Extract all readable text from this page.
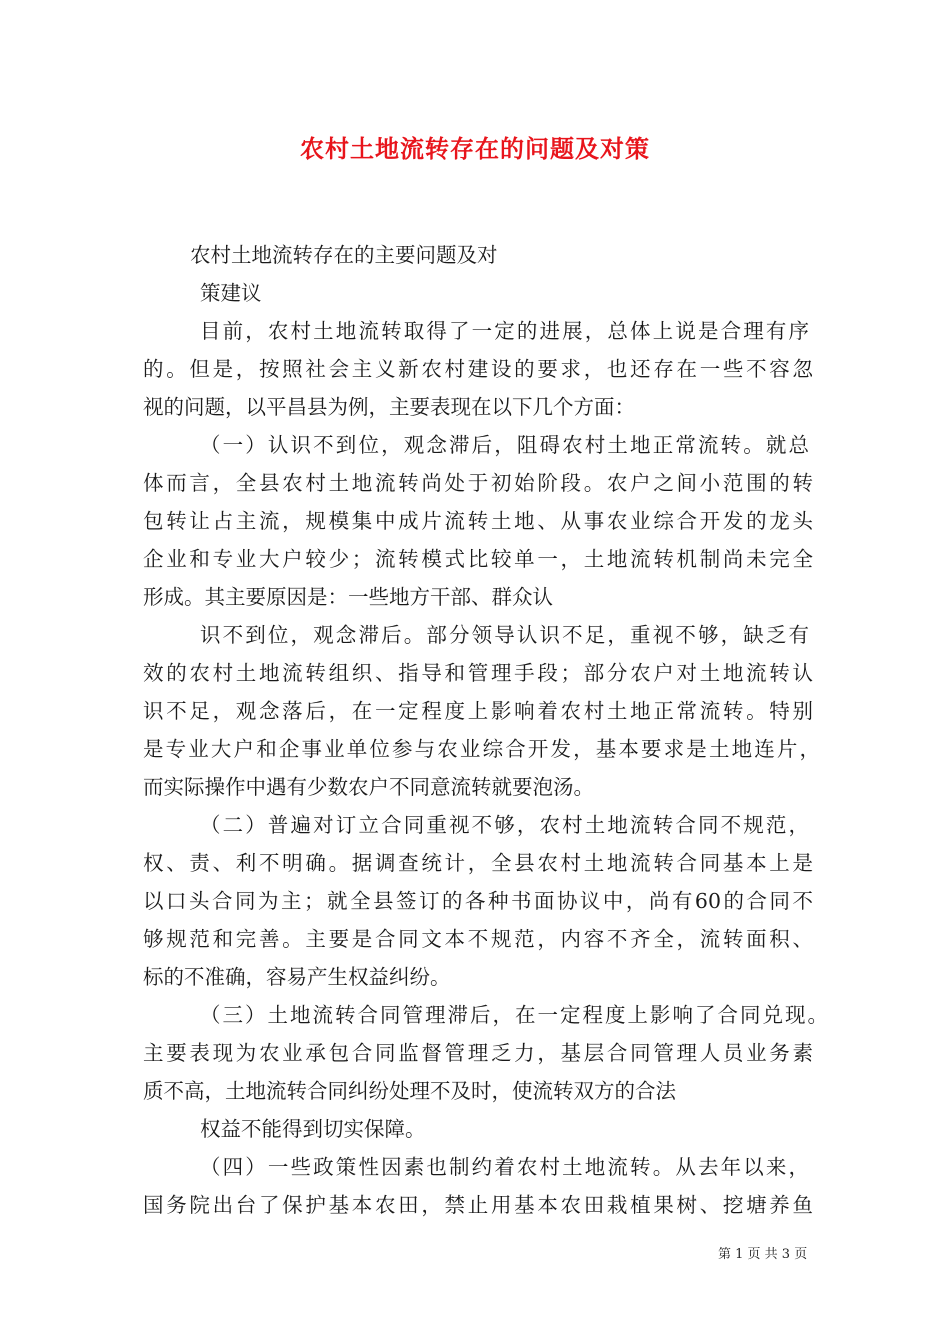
农村土地流转存在的问题及对策
农村土地流转存在的主要问题及对
策建议
目前，农村土地流转取得了一定的进展，总体上说是合理有序
的。但是，按照社会主义新农村建设的要求，也还存在一些不容忽
视的问题，以平昌县为例，主要表现在以下几个方面：
（一）认识不到位，观念滞后，阻碍农村土地正常流转。就总
体而言，全县农村土地流转尚处于初始阶段。农户之间小范围的转
包转让占主流，规模集中成片流转土地、从事农业综合开发的龙头
企业和专业大户较少；流转模式比较单一，土地流转机制尚未完全
形成。其主要原因是：一些地方干部、群众认
识不到位，观念滞后。部分领导认识不足，重视不够，缺乏有
效的农村土地流转组织、指导和管理手段；部分农户对土地流转认
识不足，观念落后，在一定程度上影响着农村土地正常流转。特别
是专业大户和企事业单位参与农业综合开发，基本要求是土地连片，
而实际操作中遇有少数农户不同意流转就要泡汤。
（二）普遍对订立合同重视不够，农村土地流转合同不规范，
权、责、利不明确。据调查统计，全县农村土地流转合同基本上是
以口头合同为主；就全县签订的各种书面协议中，尚有60的合同不
够规范和完善。主要是合同文本不规范，内容不齐全，流转面积、
标的不准确，容易产生权益纠纷。
（三）土地流转合同管理滞后，在一定程度上影响了合同兑现。
主要表现为农业承包合同监督管理乏力，基层合同管理人员业务素
质不高，土地流转合同纠纷处理不及时，使流转双方的合法
权益不能得到切实保障。
（四）一些政策性因素也制约着农村土地流转。从去年以来，
国务院出台了保护基本农田，禁止用基本农田栽植果树、挖塘养鱼
第 1 页 共 3 页
